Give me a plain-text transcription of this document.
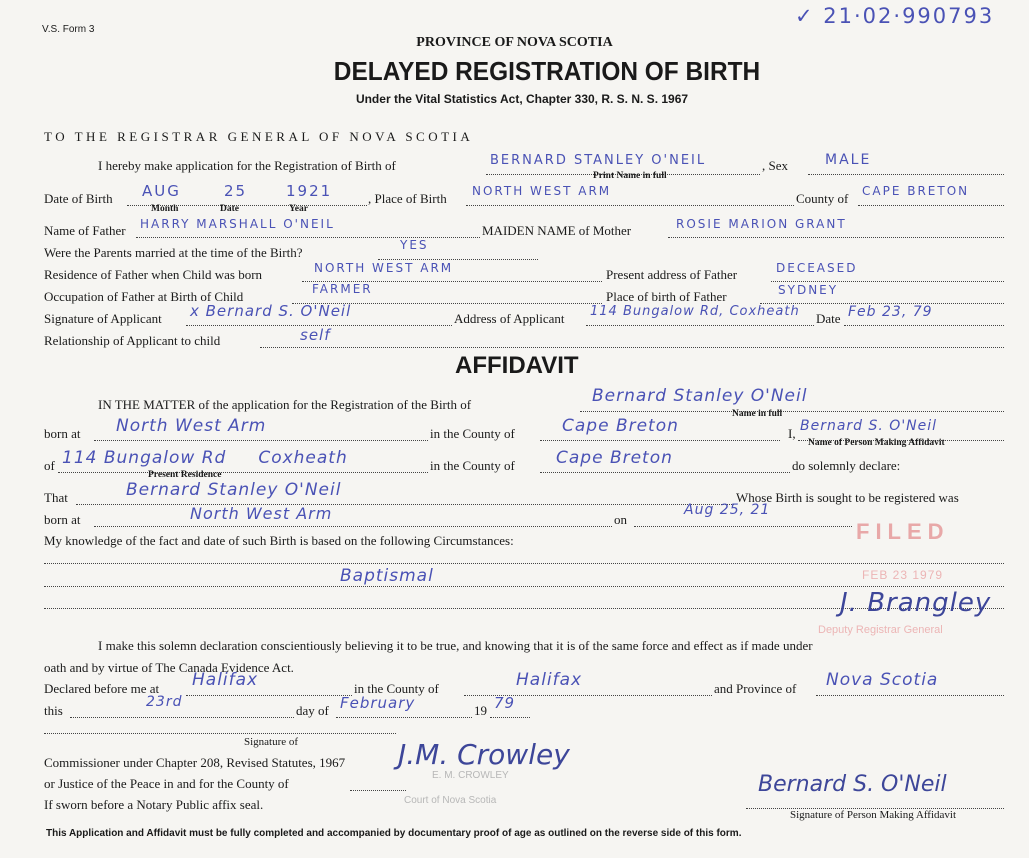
V.S. Form 3
✓ 21·02·990793
PROVINCE OF NOVA SCOTIA
DELAYED REGISTRATION OF BIRTH
Under the Vital Statistics Act, Chapter 330, R. S. N. S. 1967
TO THE REGISTRAR GENERAL OF NOVA SCOTIA
I hereby make application for the Registration of Birth of	BERNARD STANLEY O'NEIL
Print Name in full
, Sex	MALE
Date of Birth AUG	25	1921
Month	Date	Year
, Place of Birth NORTH WEST ARM	County of CAPE BRETON
Name of Father HARRY MARSHALL O'NEIL	MAIDEN NAME of Mother	ROSIE MARION GRANT
Were the Parents married at the time of the Birth?	YES
Residence of Father when Child was born	NORTH WEST ARM	Present address of Father	DECEASED
Occupation of Father at Birth of Child	FARMER	Place of birth of Father	SYDNEY
Signature of Applicant x Bernard S. O'Neil	Address of Applicant 114 Bungalow Rd, Coxheath Date Feb 23, 79
Relationship of Applicant to child	self
AFFIDAVIT
IN THE MATTER of the application for the Registration of the Birth of	Bernard Stanley O'Neil
Name in full
born at North West Arm	in the County of	Cape Breton	I, Bernard S. O'Neil
Name of Person Making Affidavit
of 114 Bungalow Rd     Coxheath
Present Residence
in the County of Cape Breton	do solemnly declare:
That	Bernard Stanley O'Neil	Whose Birth is sought to be registered was
born at	North West Arm	on
Aug 25, 21
My knowledge of the fact and date of such Birth is based on the following Circumstances:
Baptismal
FILED
FEB 23 1979
J. Brangley
Deputy Registrar General
I make this solemn declaration conscientiously believing it to be true, and knowing that it is of the same force and effect as if made under
oath and by virtue of The Canada Evidence Act.
Declared before me at Halifax	in the County of	Halifax	and Province of Nova Scotia
this
23rd
day of February	19 79
Signature of
Commissioner under Chapter 208, Revised Statutes, 1967
or Justice of the Peace in and for the County of
If sworn before a Notary Public affix seal.
J.M. Crowley
E. M. CROWLEY
Court of Nova Scotia
Bernard S. O'Neil
Signature of Person Making Affidavit
This Application and Affidavit must be fully completed and accompanied by documentary proof of age as outlined on the reverse side of this form.
